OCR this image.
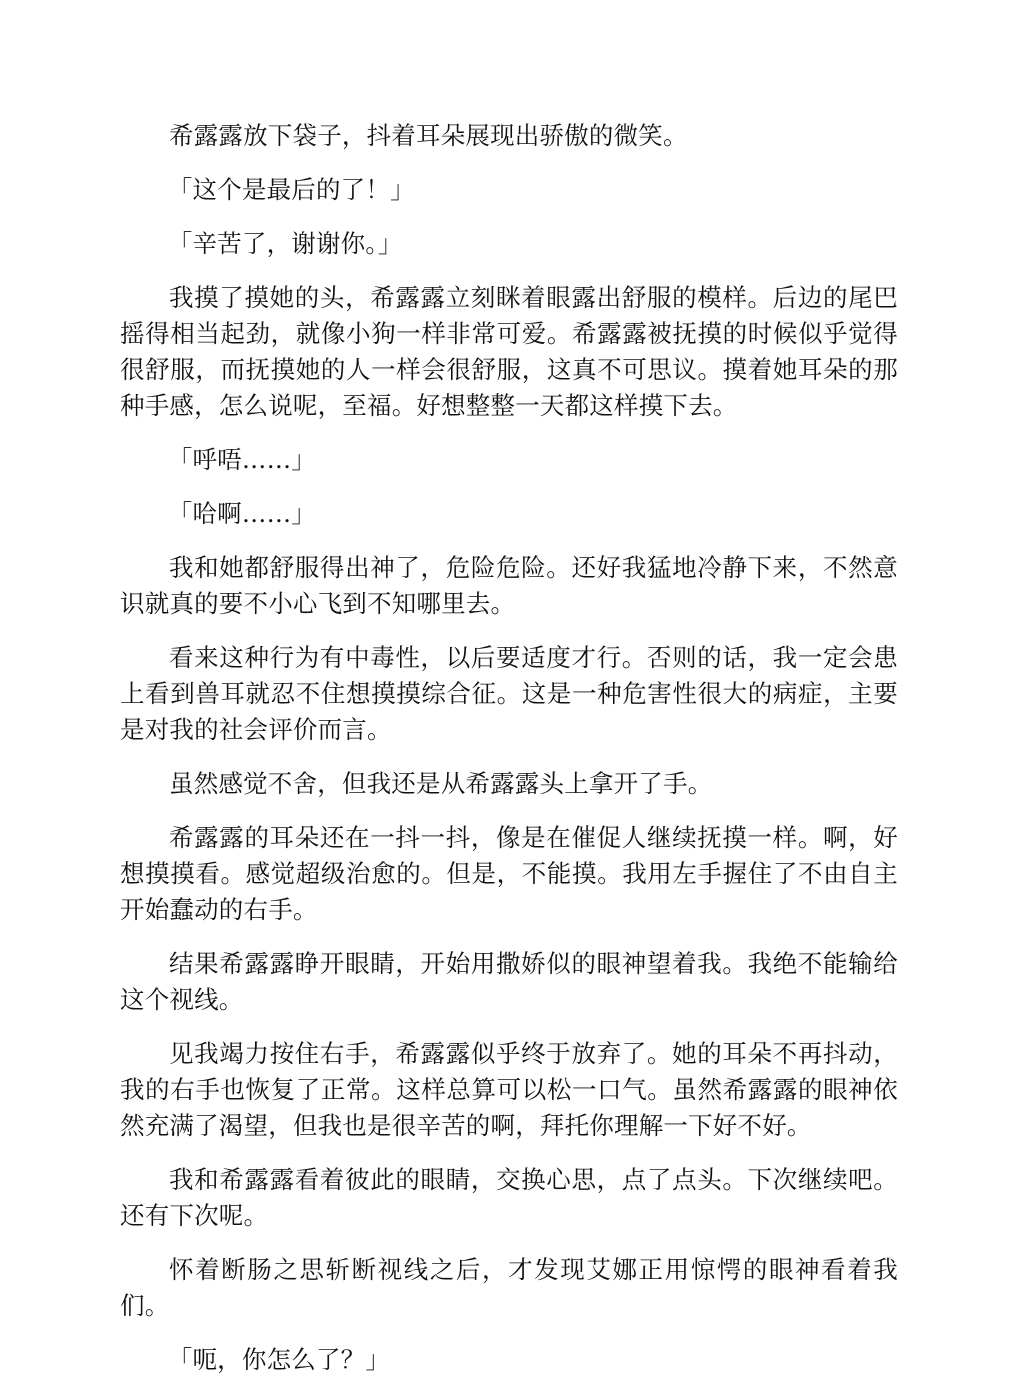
希露露放下袋子，抖着耳朵展现出骄傲的微笑。

「这个是最后的了！」

「辛苦了，谢谢你。」

我摸了摸她的头，希露露立刻眯着眼露出舒服的模样。后边的尾巴摇得相当起劲，就像小狗一样非常可爱。希露露被抚摸的时候似乎觉得很舒服，而抚摸她的人一样会很舒服，这真不可思议。摸着她耳朵的那种手感，怎么说呢，至福。好想整整一天都这样摸下去。

「呼唔……」

「哈啊……」

我和她都舒服得出神了，危险危险。还好我猛地冷静下来，不然意识就真的要不小心飞到不知哪里去。

看来这种行为有中毒性，以后要适度才行。否则的话，我一定会患上看到兽耳就忍不住想摸摸综合征。这是一种危害性很大的病症，主要是对我的社会评价而言。

虽然感觉不舍，但我还是从希露露头上拿开了手。

希露露的耳朵还在一抖一抖，像是在催促人继续抚摸一样。啊，好想摸摸看。感觉超级治愈的。但是，不能摸。我用左手握住了不由自主开始蠢动的右手。

结果希露露睁开眼睛，开始用撒娇似的眼神望着我。我绝不能输给这个视线。

见我竭力按住右手，希露露似乎终于放弃了。她的耳朵不再抖动，我的右手也恢复了正常。这样总算可以松一口气。虽然希露露的眼神依然充满了渴望，但我也是很辛苦的啊，拜托你理解一下好不好。

我和希露露看着彼此的眼睛，交换心思，点了点头。下次继续吧。还有下次呢。

怀着断肠之思斩断视线之后，才发现艾娜正用惊愕的眼神看着我们。

「呃，你怎么了？」
